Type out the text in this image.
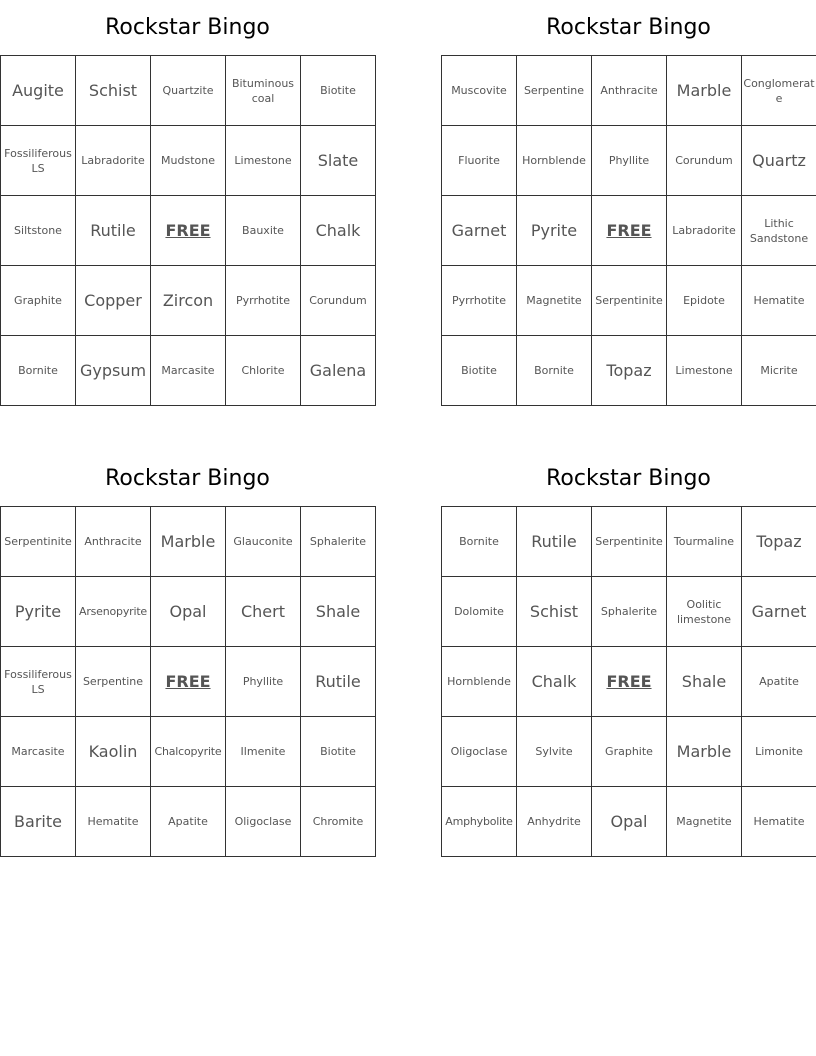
Rockstar Bingo
Augite	Schist	Quartzite	Bituminous coal	Biotite
Fossiliferous LS	Labradorite	Mudstone	Limestone	Slate
Siltstone	Rutile	FREE	Bauxite	Chalk
Graphite	Copper	Zircon	Pyrrhotite	Corundum
Bornite	Gypsum	Marcasite	Chlorite	Galena
Rockstar Bingo
Muscovite	Serpentine	Anthracite	Marble	Conglomerate
Fluorite	Hornblende	Phyllite	Corundum	Quartz
Garnet	Pyrite	FREE	Labradorite	Lithic Sandstone
Pyrrhotite	Magnetite	Serpentinite	Epidote	Hematite
Biotite	Bornite	Topaz	Limestone	Micrite
Rockstar Bingo
Serpentinite	Anthracite	Marble	Glauconite	Sphalerite
Pyrite	Arsenopyrite	Opal	Chert	Shale
Fossiliferous LS	Serpentine	FREE	Phyllite	Rutile
Marcasite	Kaolin	Chalcopyrite	Ilmenite	Biotite
Barite	Hematite	Apatite	Oligoclase	Chromite
Rockstar Bingo
Bornite	Rutile	Serpentinite	Tourmaline	Topaz
Dolomite	Schist	Sphalerite	Oolitic limestone	Garnet
Hornblende	Chalk	FREE	Shale	Apatite
Oligoclase	Sylvite	Graphite	Marble	Limonite
Amphybolite	Anhydrite	Opal	Magnetite	Hematite
